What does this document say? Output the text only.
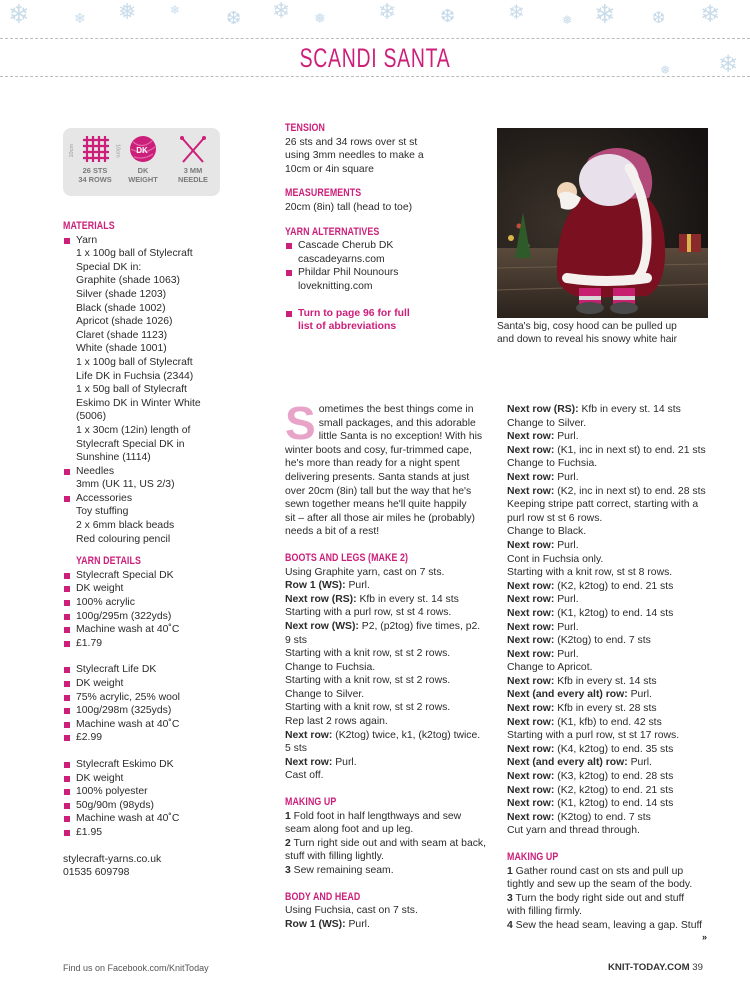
❄	❄ ❅	❄	❆ ❄ ❅ ❄ ❆	❄	❅ ❄ ❆ ❄
SCANDI SANTA	❄
❅
10cm	10cm	DK
26 STS
34 ROWS
DK
WEIGHT
3 MM
NEEDLE
MATERIALS
Yarn
1 x 100g ball of Stylecraft
Special DK in:
Graphite (shade 1063)
Silver (shade 1203)
Black (shade 1002)
Apricot (shade 1026)
Claret (shade 1123)
White (shade 1001)
1 x 100g ball of Stylecraft
Life DK in Fuchsia (2344)
1 x 50g ball of Stylecraft
Eskimo DK in Winter White
(5006)
1 x 30cm (12in) length of
Stylecraft Special DK in
Sunshine (1114)
Needles
3mm (UK 11, US 2/3)
Accessories
Toy stuffing
2 x 6mm black beads
Red colouring pencil
YARN DETAILS
Stylecraft Special DK
DK weight
100% acrylic
100g/295m (322yds)
Machine wash at 40˚C
£1.79
Stylecraft Life DK
DK weight
75% acrylic, 25% wool
100g/298m (325yds)
Machine wash at 40˚C
£2.99
Stylecraft Eskimo DK
DK weight
100% polyester
50g/90m (98yds)
Machine wash at 40˚C
£1.95
stylecraft-yarns.co.uk
01535 609798
TENSION
26 sts and 34 rows over st st
using 3mm needles to make a
10cm or 4in square
MEASUREMENTS
20cm (8in) tall (head to toe)
YARN ALTERNATIVES
Cascade Cherub DK
cascadeyarns.com
Phildar Phil Nounours
loveknitting.com
Turn to page 96 for full
list of abbreviations	Santa's big, cosy hood can be pulled up
and down to reveal his snowy white hair
S ometimes the best things come in
small packages, and this adorable
little Santa is no exception! With his
winter boots and cosy, fur-trimmed cape,
he's more than ready for a night spent
delivering presents. Santa stands at just
over 20cm (8in) tall but the way that he's
sewn together means he'll quite happily
sit – after all those air miles he (probably)
needs a bit of a rest!
BOOTS AND LEGS (MAKE 2)
Using Graphite yarn, cast on 7 sts.
Row 1 (WS): Purl.
Next row (RS): Kfb in every st. 14 sts
Starting with a purl row, st st 4 rows.
Next row (WS): P2, (p2tog) five times, p2.
9 sts
Starting with a knit row, st st 2 rows.
Change to Fuchsia.
Starting with a knit row, st st 2 rows.
Change to Silver.
Starting with a knit row, st st 2 rows.
Rep last 2 rows again.
Next row: (K2tog) twice, k1, (k2tog) twice.
5 sts
Next row: Purl.
Cast off.
MAKING UP
1 Fold foot in half lengthways and sew
seam along foot and up leg.
2 Turn right side out and with seam at back,
stuff with filling lightly.
3 Sew remaining seam.
BODY AND HEAD
Using Fuchsia, cast on 7 sts.
Row 1 (WS): Purl.
Next row (RS): Kfb in every st. 14 sts
Change to Silver.
Next row: Purl.
Next row: (K1, inc in next st) to end. 21 sts
Change to Fuchsia.
Next row: Purl.
Next row: (K2, inc in next st) to end. 28 sts
Keeping stripe patt correct, starting with a
purl row st st 6 rows.
Change to Black.
Next row: Purl.
Cont in Fuchsia only.
Starting with a knit row, st st 8 rows.
Next row: (K2, k2tog) to end. 21 sts
Next row: Purl.
Next row: (K1, k2tog) to end. 14 sts
Next row: Purl.
Next row: (K2tog) to end. 7 sts
Next row: Purl.
Change to Apricot.
Next row: Kfb in every st. 14 sts
Next (and every alt) row: Purl.
Next row: Kfb in every st. 28 sts
Next row: (K1, kfb) to end. 42 sts
Starting with a purl row, st st 17 rows.
Next row: (K4, k2tog) to end. 35 sts
Next (and every alt) row: Purl.
Next row: (K3, k2tog) to end. 28 sts
Next row: (K2, k2tog) to end. 21 sts
Next row: (K1, k2tog) to end. 14 sts
Next row: (K2tog) to end. 7 sts
Cut yarn and thread through.
MAKING UP
1 Gather round cast on sts and pull up
tightly and sew up the seam of the body.
3 Turn the body right side out and stuff
with filling firmly.
4 Sew the head seam, leaving a gap. Stuff
»
Find us on Facebook.com/KnitToday	KNIT-TODAY.COM 39
